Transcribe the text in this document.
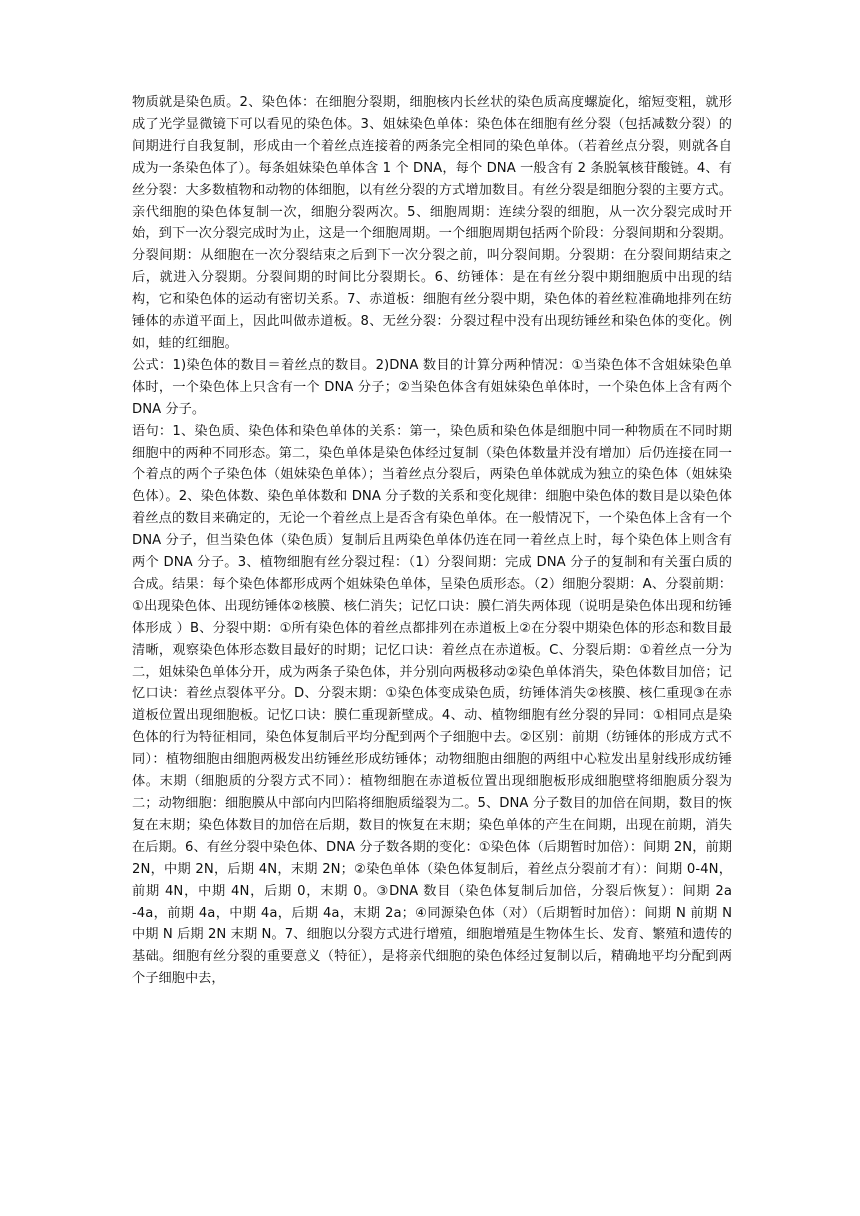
物质就是染色质。2、染色体：在细胞分裂期，细胞核内长丝状的染色质高度螺旋化，缩短变粗，就形成了光学显微镜下可以看见的染色体。3、姐妹染色单体：染色体在细胞有丝分裂（包括减数分裂）的间期进行自我复制，形成由一个着丝点连接着的两条完全相同的染色单体。（若着丝点分裂，则就各自成为一条染色体了）。每条姐妹染色单体含 1 个 DNA，每个 DNA 一般含有 2 条脱氧核苷酸链。4、有丝分裂：大多数植物和动物的体细胞，以有丝分裂的方式增加数目。有丝分裂是细胞分裂的主要方式。亲代细胞的染色体复制一次，细胞分裂两次。5、细胞周期：连续分裂的细胞，从一次分裂完成时开始，到下一次分裂完成时为止，这是一个细胞周期。一个细胞周期包括两个阶段：分裂间期和分裂期。分裂间期：从细胞在一次分裂结束之后到下一次分裂之前，叫分裂间期。分裂期：在分裂间期结束之后，就进入分裂期。分裂间期的时间比分裂期长。6、纺锤体：是在有丝分裂中期细胞质中出现的结构，它和染色体的运动有密切关系。7、赤道板：细胞有丝分裂中期，染色体的着丝粒准确地排列在纺锤体的赤道平面上，因此叫做赤道板。8、无丝分裂：分裂过程中没有出现纺锤丝和染色体的变化。例如，蛙的红细胞。

公式：1)染色体的数目＝着丝点的数目。2)DNA 数目的计算分两种情况：①当染色体不含姐妹染色单体时，一个染色体上只含有一个 DNA 分子；②当染色体含有姐妹染色单体时，一个染色体上含有两个 DNA 分子。

语句：1、染色质、染色体和染色单体的关系：第一，染色质和染色体是细胞中同一种物质在不同时期细胞中的两种不同形态。第二，染色单体是染色体经过复制（染色体数量并没有增加）后仍连接在同一个着点的两个子染色体（姐妹染色单体）；当着丝点分裂后，两染色单体就成为独立的染色体（姐妹染色体）。2、染色体数、染色单体数和 DNA 分子数的关系和变化规律：细胞中染色体的数目是以染色体着丝点的数目来确定的，无论一个着丝点上是否含有染色单体。在一般情况下，一个染色体上含有一个 DNA 分子，但当染色体（染色质）复制后且两染色单体仍连在同一着丝点上时，每个染色体上则含有两个 DNA 分子。3、植物细胞有丝分裂过程：（1）分裂间期：完成 DNA 分子的复制和有关蛋白质的合成。结果：每个染色体都形成两个姐妹染色单体，呈染色质形态。（2）细胞分裂期：A、分裂前期：①出现染色体、出现纺锤体②核膜、核仁消失；记忆口诀：膜仁消失两体现（说明是染色体出现和纺锤体形成 ）B、分裂中期：①所有染色体的着丝点都排列在赤道板上②在分裂中期染色体的形态和数目最清晰，观察染色体形态数目最好的时期；记忆口诀：着丝点在赤道板。C、分裂后期：①着丝点一分为二，姐妹染色单体分开，成为两条子染色体，并分别向两极移动②染色单体消失，染色体数目加倍；记忆口诀：着丝点裂体平分。D、分裂末期：①染色体变成染色质，纺锤体消失②核膜、核仁重现③在赤道板位置出现细胞板。记忆口诀：膜仁重现新壁成。4、动、植物细胞有丝分裂的异同：①相同点是染色体的行为特征相同，染色体复制后平均分配到两个子细胞中去。②区别：前期（纺锤体的形成方式不同）：植物细胞由细胞两极发出纺锤丝形成纺锤体；动物细胞由细胞的两组中心粒发出星射线形成纺锤体。末期（细胞质的分裂方式不同）：植物细胞在赤道板位置出现细胞板形成细胞壁将细胞质分裂为二；动物细胞：细胞膜从中部向内凹陷将细胞质缢裂为二。5、DNA 分子数目的加倍在间期，数目的恢复在末期；染色体数目的加倍在后期，数目的恢复在末期；染色单体的产生在间期，出现在前期，消失在后期。6、有丝分裂中染色体、DNA 分子数各期的变化：①染色体（后期暂时加倍）：间期 2N，前期 2N，中期 2N，后期 4N，末期 2N；②染色单体（染色体复制后，着丝点分裂前才有）：间期 0-4N，前期 4N，中期 4N，后期 0，末期 0。③DNA 数目（染色体复制后加倍，分裂后恢复）：间期 2a -4a，前期 4a，中期 4a，后期 4a，末期 2a；④同源染色体（对）（后期暂时加倍）：间期 N 前期 N 中期 N 后期 2N 末期 N。7、细胞以分裂方式进行增殖，细胞增殖是生物体生长、发育、繁殖和遗传的基础。细胞有丝分裂的重要意义（特征），是将亲代细胞的染色体经过复制以后，精确地平均分配到两个子细胞中去，
